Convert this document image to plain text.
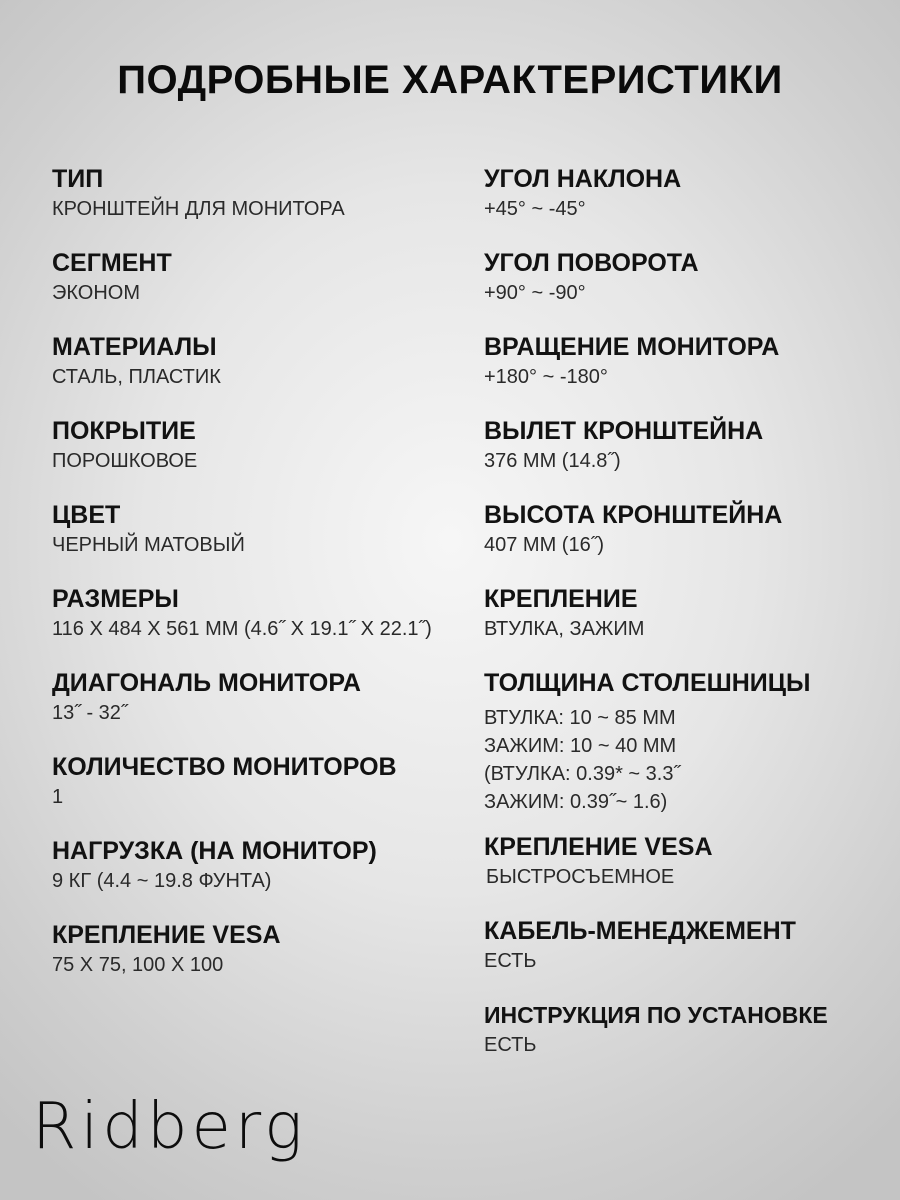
ПОДРОБНЫЕ ХАРАКТЕРИСТИКИ
ТИП
КРОНШТЕЙН ДЛЯ МОНИТОРА
СЕГМЕНТ
ЭКОНОМ
МАТЕРИАЛЫ
СТАЛЬ, ПЛАСТИК
ПОКРЫТИЕ
ПОРОШКОВОЕ
ЦВЕТ
ЧЕРНЫЙ МАТОВЫЙ
РАЗМЕРЫ
116 X 484 X 561 ММ (4.6˝ X 19.1˝ X 22.1˝)
ДИАГОНАЛЬ МОНИТОРА
13˝ - 32˝
КОЛИЧЕСТВО МОНИТОРОВ
1
НАГРУЗКА (НА МОНИТОР)
9 КГ (4.4 ~ 19.8 ФУНТА)
КРЕПЛЕНИЕ VESA
75 X 75, 100 X 100
УГОЛ НАКЛОНА
+45° ~ -45°
УГОЛ ПОВОРОТА
+90° ~ -90°
ВРАЩЕНИЕ МОНИТОРА
+180° ~ -180°
ВЫЛЕТ КРОНШТЕЙНА
376 ММ (14.8˝)
ВЫСОТА КРОНШТЕЙНА
407 ММ (16˝)
КРЕПЛЕНИЕ
ВТУЛКА, ЗАЖИМ
ТОЛЩИНА СТОЛЕШНИЦЫ
ВТУЛКА: 10 ~ 85 ММ
ЗАЖИМ: 10 ~ 40 ММ
(ВТУЛКА: 0.39* ~ 3.3˝
ЗАЖИМ: 0.39˝~ 1.6)
КРЕПЛЕНИЕ VESA
БЫСТРОСЪЕМНОЕ
КАБЕЛЬ-МЕНЕДЖЕМЕНТ
ЕСТЬ
ИНСТРУКЦИЯ ПО УСТАНОВКЕ
ЕСТЬ
Ridberg
